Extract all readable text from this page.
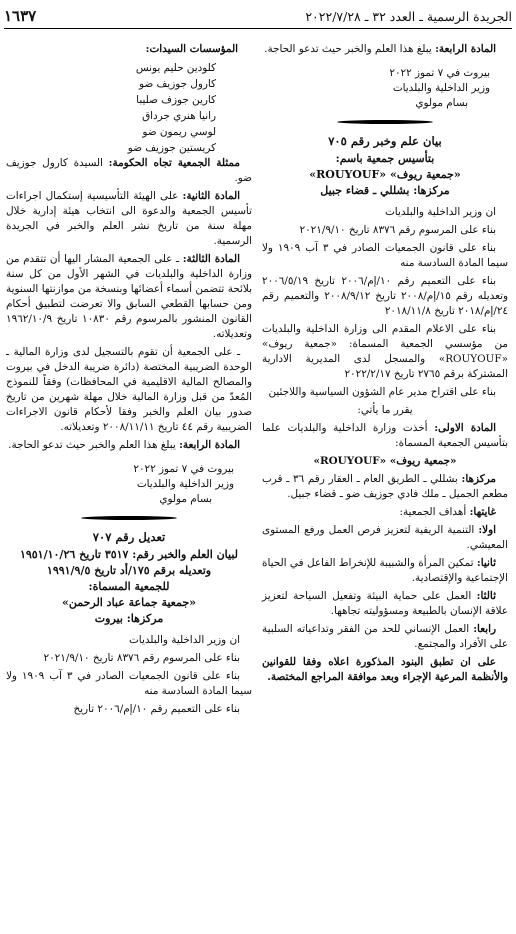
الجريدة الرسمية ـ العدد ٣٢ ـ ٢٠٢٢/٧/٢٨
١٦٣٧

المادة الرابعة: يبلغ هذا العلم والخبر حيث تدعو الحاجة.

بيروت في ٧ تموز ٢٠٢٢

وزير الداخلية والبلديات

بسام مولوي

بيان علم وخبر رقم ٧٠٥
بتأسيس جمعية باسم:
«جمعية ريوف» «ROUYOUF»
مركزها: بشللي ـ قضاء جبيل

ان وزير الداخلية والبلديات

بناء على المرسوم رقم ٨٣٧٦ تاريخ ٢٠٢١/٩/١٠

بناء على قانون الجمعيات الصادر في ٣ آب ١٩٠٩ ولا سيما المادة السادسة منه

بناء على التعميم رقم ١٠/إم/٢٠٠٦ تاريخ ٢٠٠٦/٥/١٩ وتعديله رقم ١٥/إم/٢٠٠٨ تاريخ ٢٠٠٨/٩/١٢ والتعميم رقم ٢٤/إم/٢٠١٨ تاريخ ٢٠١٨/١١/٨

بناء على الاعلام المقدم الى وزارة الداخلية والبلديات من مؤسسي الجمعية المسماة: «جمعية ريوف» «ROUYOUF» والمسجل لدى المديرية الادارية المشتركة برقم ٢٧٦٥ تاريخ ٢٠٢٢/٢/١٧

بناء على اقتراح مدير عام الشؤون السياسية واللاجئين

يقرر ما يأتي:

المادة الاولى: أخذت وزارة الداخلية والبلديات علما بتأسيس الجمعية المسماة:

«جمعية ريوف» «ROUYOUF»

مركزها: بشللي ـ الطريق العام ـ العقار رقم ٣٦ ـ قرب مطعم الجميل ـ ملك فادي جوزيف ضو ـ قضاء جبيل.

غايتها: أهداف الجمعية:

اولا: التنمية الريفية لتعزيز فرص العمل ورفع المستوى المعيشي.

ثانيا: تمكين المرأة والشبيبة للإنخراط الفاعل في الحياة الإجتماعية والإقتصادية.

ثالثا: العمل على حماية البيئة وتفعيل السياحة لتعزيز علاقة الإنسان بالطبيعة ومسؤوليته تجاهها.

رابعا: العمل الإنساني للحد من الفقر وتداعياته السلبية على الأفراد والمجتمع.

على ان تطبق البنود المذكورة اعلاه وفقا للقوانين والأنظمة المرعية الإجراء وبعد موافقة المراجع المختصة.

المؤسسات السيدات:

كلودين حليم يونس

كارول جوزيف ضو

كارين جوزف صليبا

رانيا هنري جرداق

لوسي ريمون ضو

كريستين جوزيف ضو

ممثلة الجمعية تجاه الحكومة: السيدة كارول جوزيف ضو.

المادة الثانية: على الهيئة التأسيسية إستكمال اجراءات تأسيس الجمعية والدعوة الى انتخاب هيئة إدارية خلال مهلة سنة من تاريخ نشر العلم والخبر في الجريدة الرسمية.

المادة الثالثة: ـ على الجمعية المشار اليها أن تتقدم من وزارة الداخلية والبلديات في الشهر الأول من كل سنة بلائحة تتضمن أسماء أعضائها وبنسخة من موازنتها السنوية ومن حسابها القطعي السابق والا تعرضت لتطبيق أحكام القانون المنشور بالمرسوم رقم ١٠٨٣٠ تاريخ ١٩٦٢/١٠/٩ وتعديلاته.

ـ على الجمعية أن تقوم بالتسجيل لدى وزارة المالية ـ الوحدة الضريبية المختصة (دائرة ضريبة الدخل في بيروت والمصالح المالية الاقليمية في المحافظات) وفقاً للنموذج المُعدّ من قبل وزارة المالية خلال مهلة شهرين من تاريخ صدور بيان العلم والخبر وفقا لأحكام قانون الاجراءات الضريبية رقم ٤٤ تاريخ ٢٠٠٨/١١/١١ وتعديلاته.

المادة الرابعة: يبلغ هذا العلم والخبر حيث تدعو الحاجة.

بيروت في ٧ تموز ٢٠٢٢

وزير الداخلية والبلديات

بسام مولوي

تعديل رقم ٧٠٧
لبيان العلم والخبر رقم: ٣٥١٧ تاريخ ١٩٥١/١٠/٢٦
وتعديله برقم ١٧٥/أد تاريخ ١٩٩١/٩/٥
للجمعية المسماة:
«جمعية جماعة عباد الرحمن»
مركزها: بيروت

ان وزير الداخلية والبلديات

بناء على المرسوم رقم ٨٣٧٦ تاريخ ٢٠٢١/٩/١٠

بناء على قانون الجمعيات الصادر في ٣ آب ١٩٠٩ ولا سيما المادة السادسة منه

بناء على التعميم رقم ١٠/إم/٢٠٠٦ تاريخ
